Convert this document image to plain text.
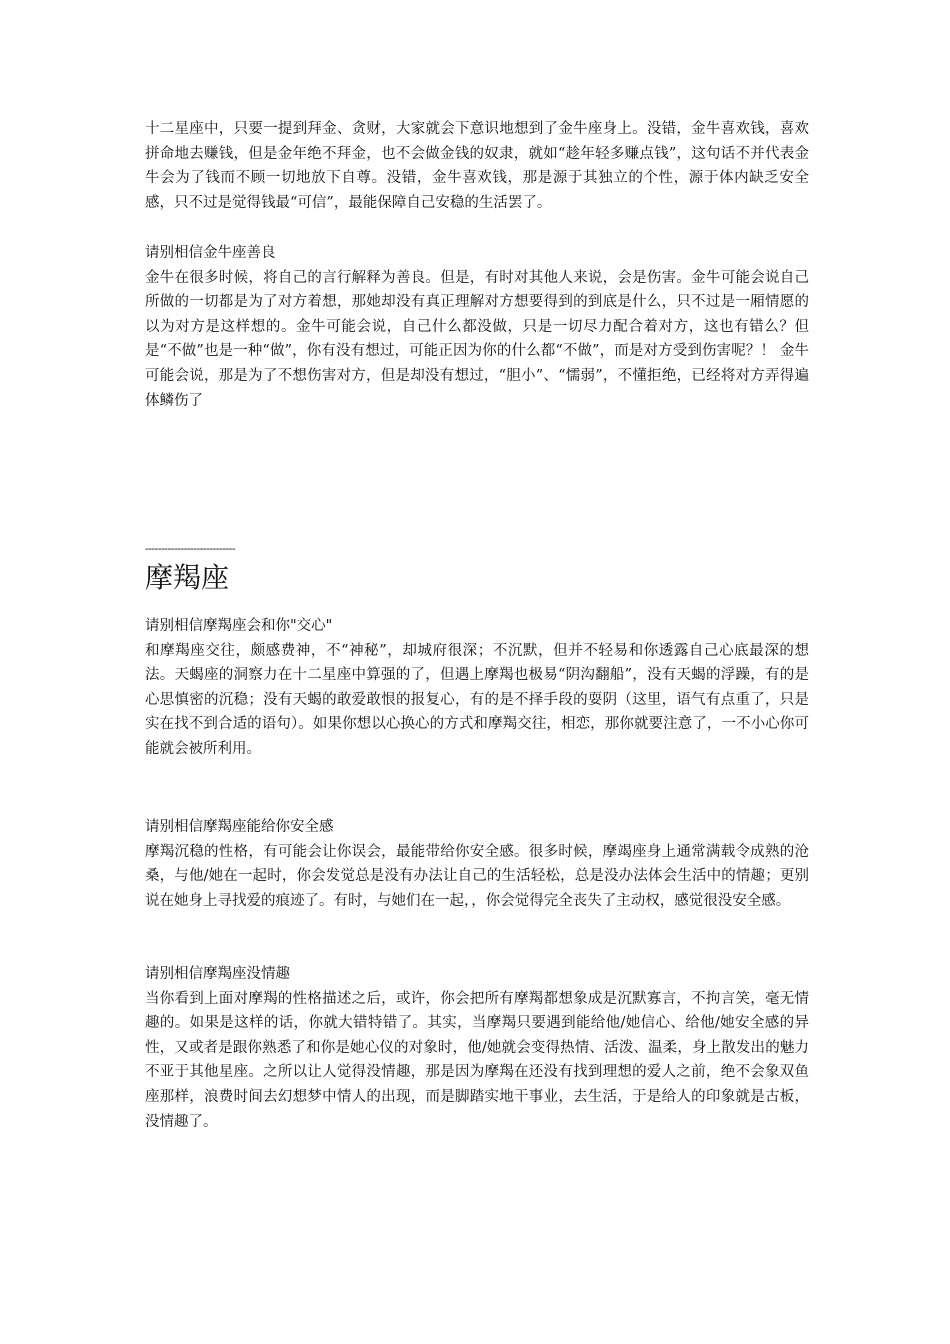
十二星座中，只要一提到拜金、贪财，大家就会下意识地想到了金牛座身上。没错，金牛喜欢钱，喜欢拼命地去赚钱，但是金年绝不拜金，也不会做金钱的奴隶，就如“趁年轻多赚点钱”，这句话不并代表金牛会为了钱而不顾一切地放下自尊。没错，金牛喜欢钱，那是源于其独立的个性，源于体内缺乏安全感，只不过是觉得钱最“可信”，最能保障自己安稳的生活罢了。

请别相信金牛座善良

金牛在很多时候，将自己的言行解释为善良。但是，有时对其他人来说，会是伤害。金牛可能会说自己所做的一切都是为了对方着想，那她却没有真正理解对方想要得到的到底是什么，只不过是一厢情愿的以为对方是这样想的。金牛可能会说，自己什么都没做，只是一切尽力配合着对方，这也有错么？但是“不做”也是一种“做”，你有没有想过，可能正因为你的什么都“不做”，而是对方受到伤害呢？！ 金牛可能会说，那是为了不想伤害对方，但是却没有想过，“胆小”、“懦弱”，不懂拒绝，已经将对方弄得遍体鳞伤了

----------------------------
摩羯座

请别相信摩羯座会和你"交心"

和摩羯座交往，颇感费神，不“神秘”，却城府很深；不沉默，但并不轻易和你透露自己心底最深的想法。天蝎座的洞察力在十二星座中算强的了，但遇上摩羯也极易“阴沟翻船”，没有天蝎的浮躁，有的是心思慎密的沉稳；没有天蝎的敢爱敢恨的报复心，有的是不择手段的耍阴（这里，语气有点重了，只是实在找不到合适的语句）。如果你想以心换心的方式和摩羯交往，相恋，那你就要注意了，一不小心你可能就会被所利用。

请别相信摩羯座能给你安全感

摩羯沉稳的性格，有可能会让你误会，最能带给你安全感。很多时候，摩竭座身上通常满载令成熟的沧桑，与他/她在一起时，你会发觉总是没有办法让自己的生活轻松，总是没办法体会生活中的情趣；更别说在她身上寻找爱的痕迹了。有时，与她们在一起，，你会觉得完全丧失了主动权，感觉很没安全感。

请别相信摩羯座没情趣

当你看到上面对摩羯的性格描述之后，或许，你会把所有摩羯都想象成是沉默寡言，不拘言笑，毫无情趣的。如果是这样的话，你就大错特错了。其实，当摩羯只要遇到能给他/她信心、给他/她安全感的异性，又或者是跟你熟悉了和你是她心仪的对象时，他/她就会变得热情、活泼、温柔，身上散发出的魅力不亚于其他星座。之所以让人觉得没情趣，那是因为摩羯在还没有找到理想的爱人之前，绝不会象双鱼座那样，浪费时间去幻想梦中情人的出现，而是脚踏实地干事业，去生活，于是给人的印象就是古板，没情趣了。
